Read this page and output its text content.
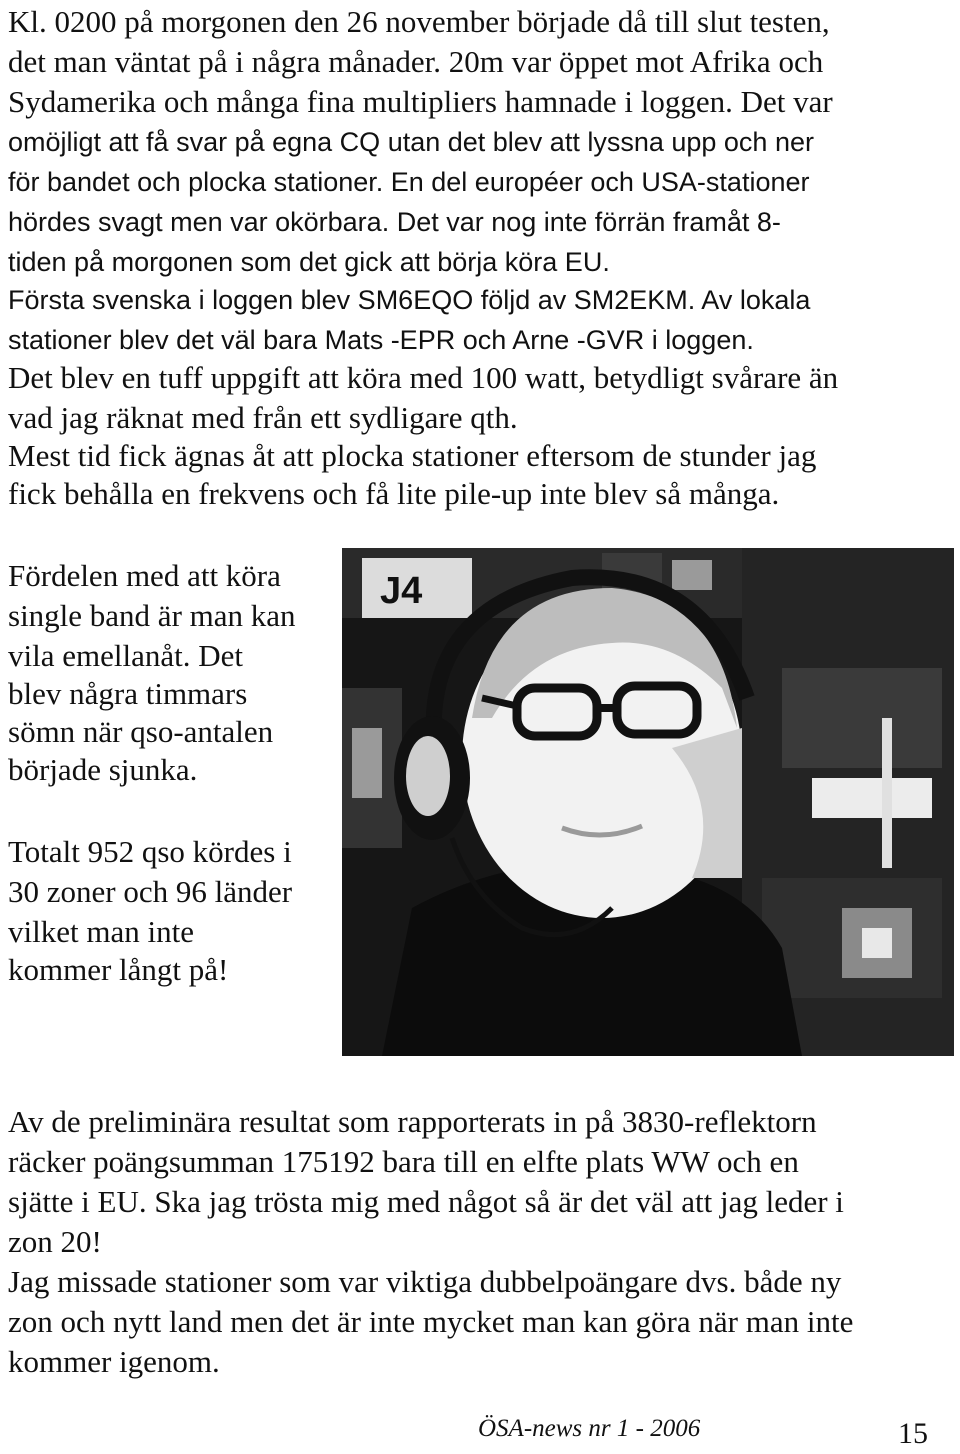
Kl. 0200 på morgonen den 26 november började då till slut testen,
det man väntat på i några månader. 20m var öppet mot Afrika och
Sydamerika och många fina multipliers hamnade i loggen. Det var
omöjligt att få svar på egna CQ utan det blev att lyssna upp och ner
för bandet och plocka stationer. En del européer och USA-stationer
hördes svagt men var okörbara. Det var nog inte förrän framåt 8-
tiden på morgonen som det gick att börja köra EU.
Första svenska i loggen blev SM6EQO följd av SM2EKM. Av lokala
stationer blev det väl bara Mats -EPR och Arne -GVR i loggen.
Det blev en tuff uppgift att köra med 100 watt, betydligt svårare än
vad jag räknat med från ett sydligare qth.
Mest tid fick ägnas åt att plocka stationer eftersom de stunder jag
fick behålla en frekvens och få lite pile-up inte blev så många.
Fördelen med att köra
single band är man kan
vila emellanåt. Det
blev några timmars
sömn när qso-antalen
började sjunka.
Totalt 952 qso kördes i
30 zoner och 96 länder
vilket man inte
kommer långt på!
J4
Av de preliminära resultat som rapporterats in på 3830-reflektorn
räcker poängsumman 175192 bara till en elfte plats WW och en
sjätte i EU. Ska jag trösta mig med något så är det väl att jag leder i
zon 20!
Jag missade stationer som var viktiga dubbelpoängare dvs. både ny
zon och nytt land men det är inte mycket man kan göra när man inte
kommer igenom.
ÖSA-news nr 1 - 2006	15
